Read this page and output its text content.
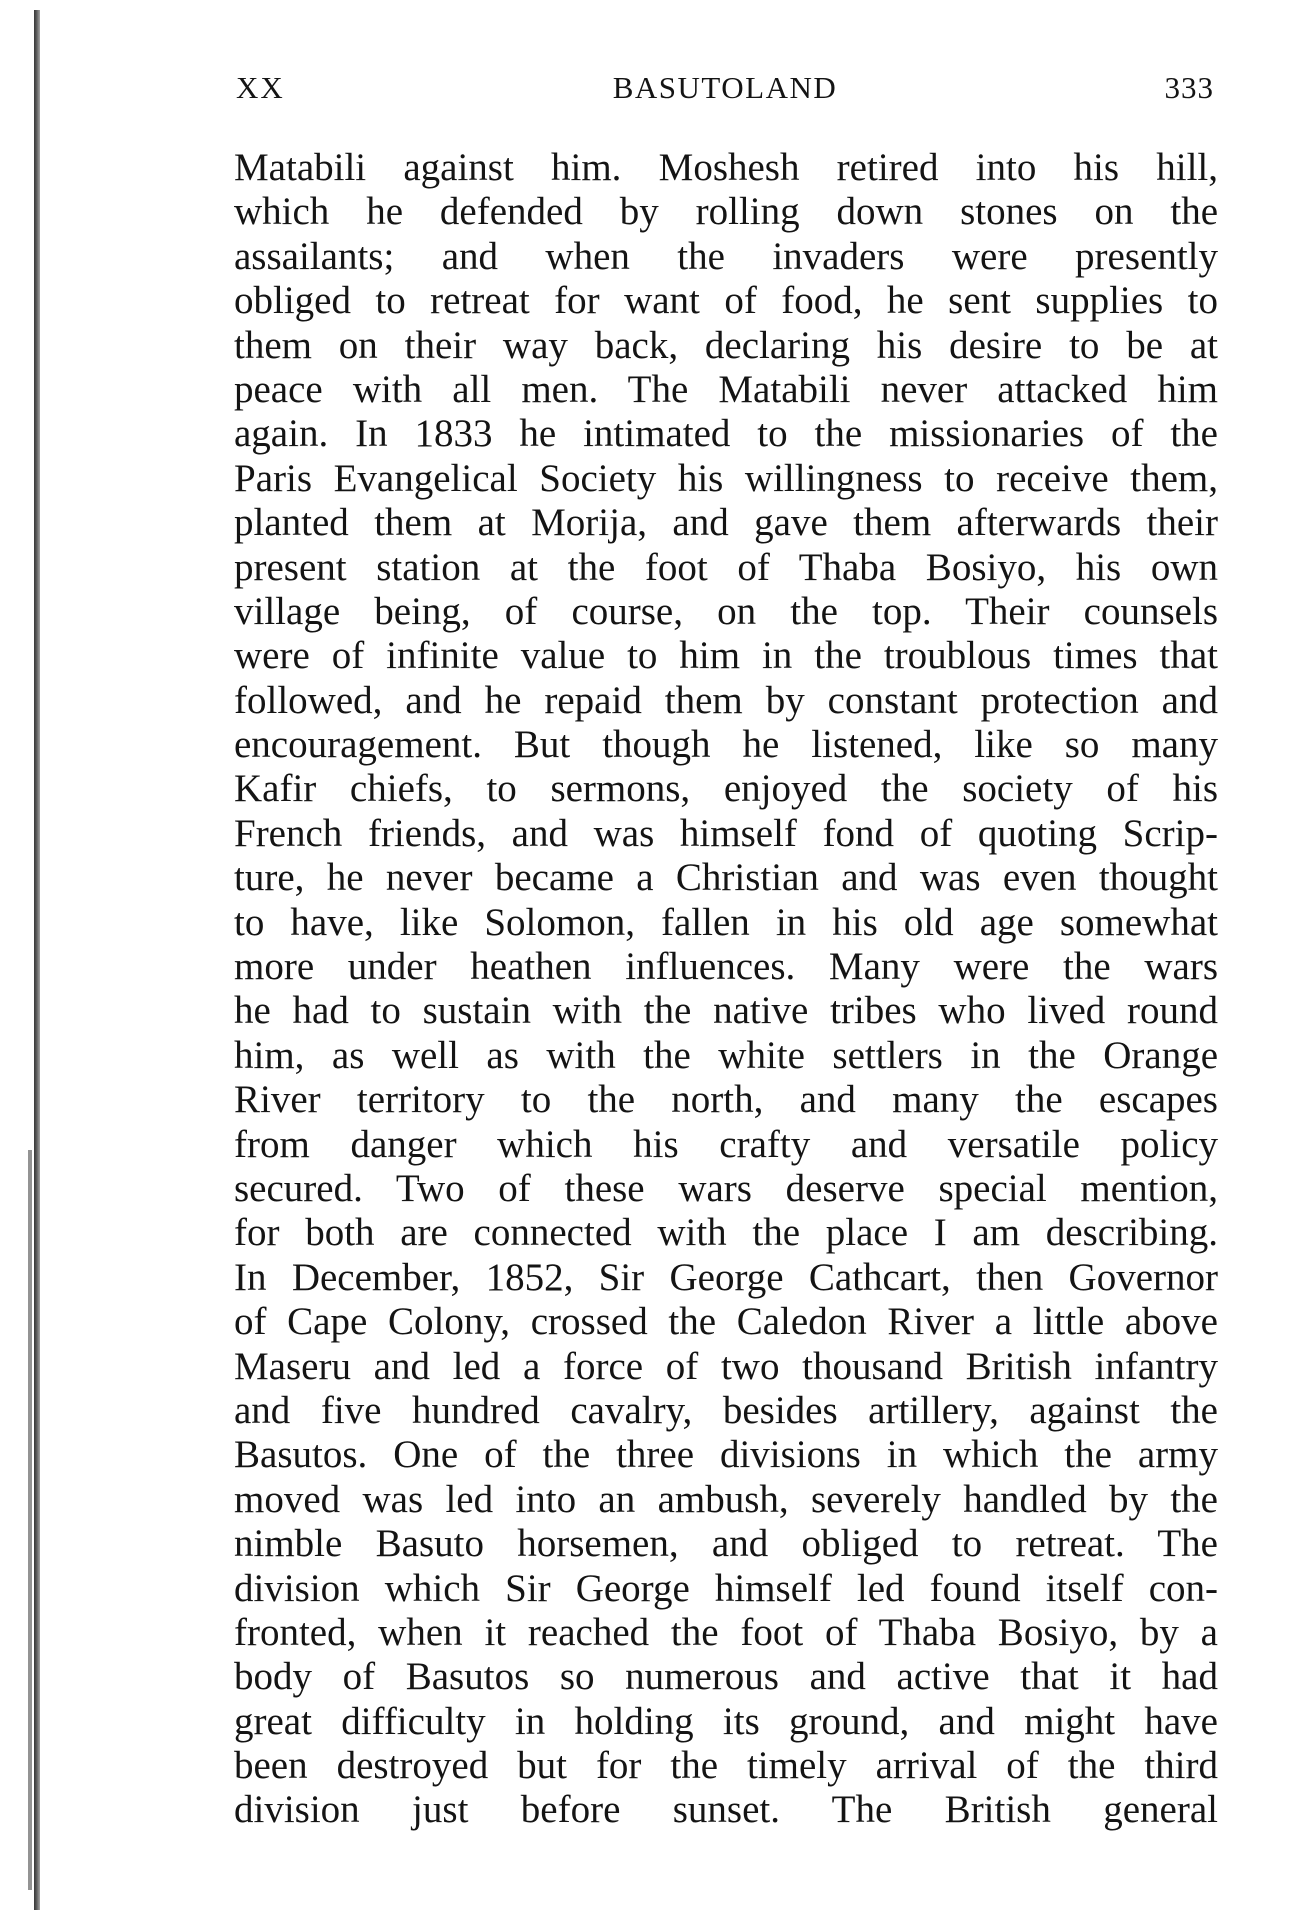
XX	BASUTOLAND	333
Matabili against him. Moshesh retired into his hill,
which he defended by rolling down stones on the
assailants; and when the invaders were presently
obliged to retreat for want of food, he sent supplies to
them on their way back, declaring his desire to be at
peace with all men. The Matabili never attacked him
again. In 1833 he intimated to the missionaries of the
Paris Evangelical Society his willingness to receive them,
planted them at Morija, and gave them afterwards their
present station at the foot of Thaba Bosiyo, his own
village being, of course, on the top. Their counsels
were of infinite value to him in the troublous times that
followed, and he repaid them by constant protection and
encouragement. But though he listened, like so many
Kafir chiefs, to sermons, enjoyed the society of his
French friends, and was himself fond of quoting Scrip-
ture, he never became a Christian and was even thought
to have, like Solomon, fallen in his old age somewhat
more under heathen influences. Many were the wars
he had to sustain with the native tribes who lived round
him, as well as with the white settlers in the Orange
River territory to the north, and many the escapes
from danger which his crafty and versatile policy
secured. Two of these wars deserve special mention,
for both are connected with the place I am describing.
In December, 1852, Sir George Cathcart, then Governor
of Cape Colony, crossed the Caledon River a little above
Maseru and led a force of two thousand British infantry
and five hundred cavalry, besides artillery, against the
Basutos. One of the three divisions in which the army
moved was led into an ambush, severely handled by the
nimble Basuto horsemen, and obliged to retreat. The
division which Sir George himself led found itself con-
fronted, when it reached the foot of Thaba Bosiyo, by a
body of Basutos so numerous and active that it had
great difficulty in holding its ground, and might have
been destroyed but for the timely arrival of the third
division just before sunset. The British general
